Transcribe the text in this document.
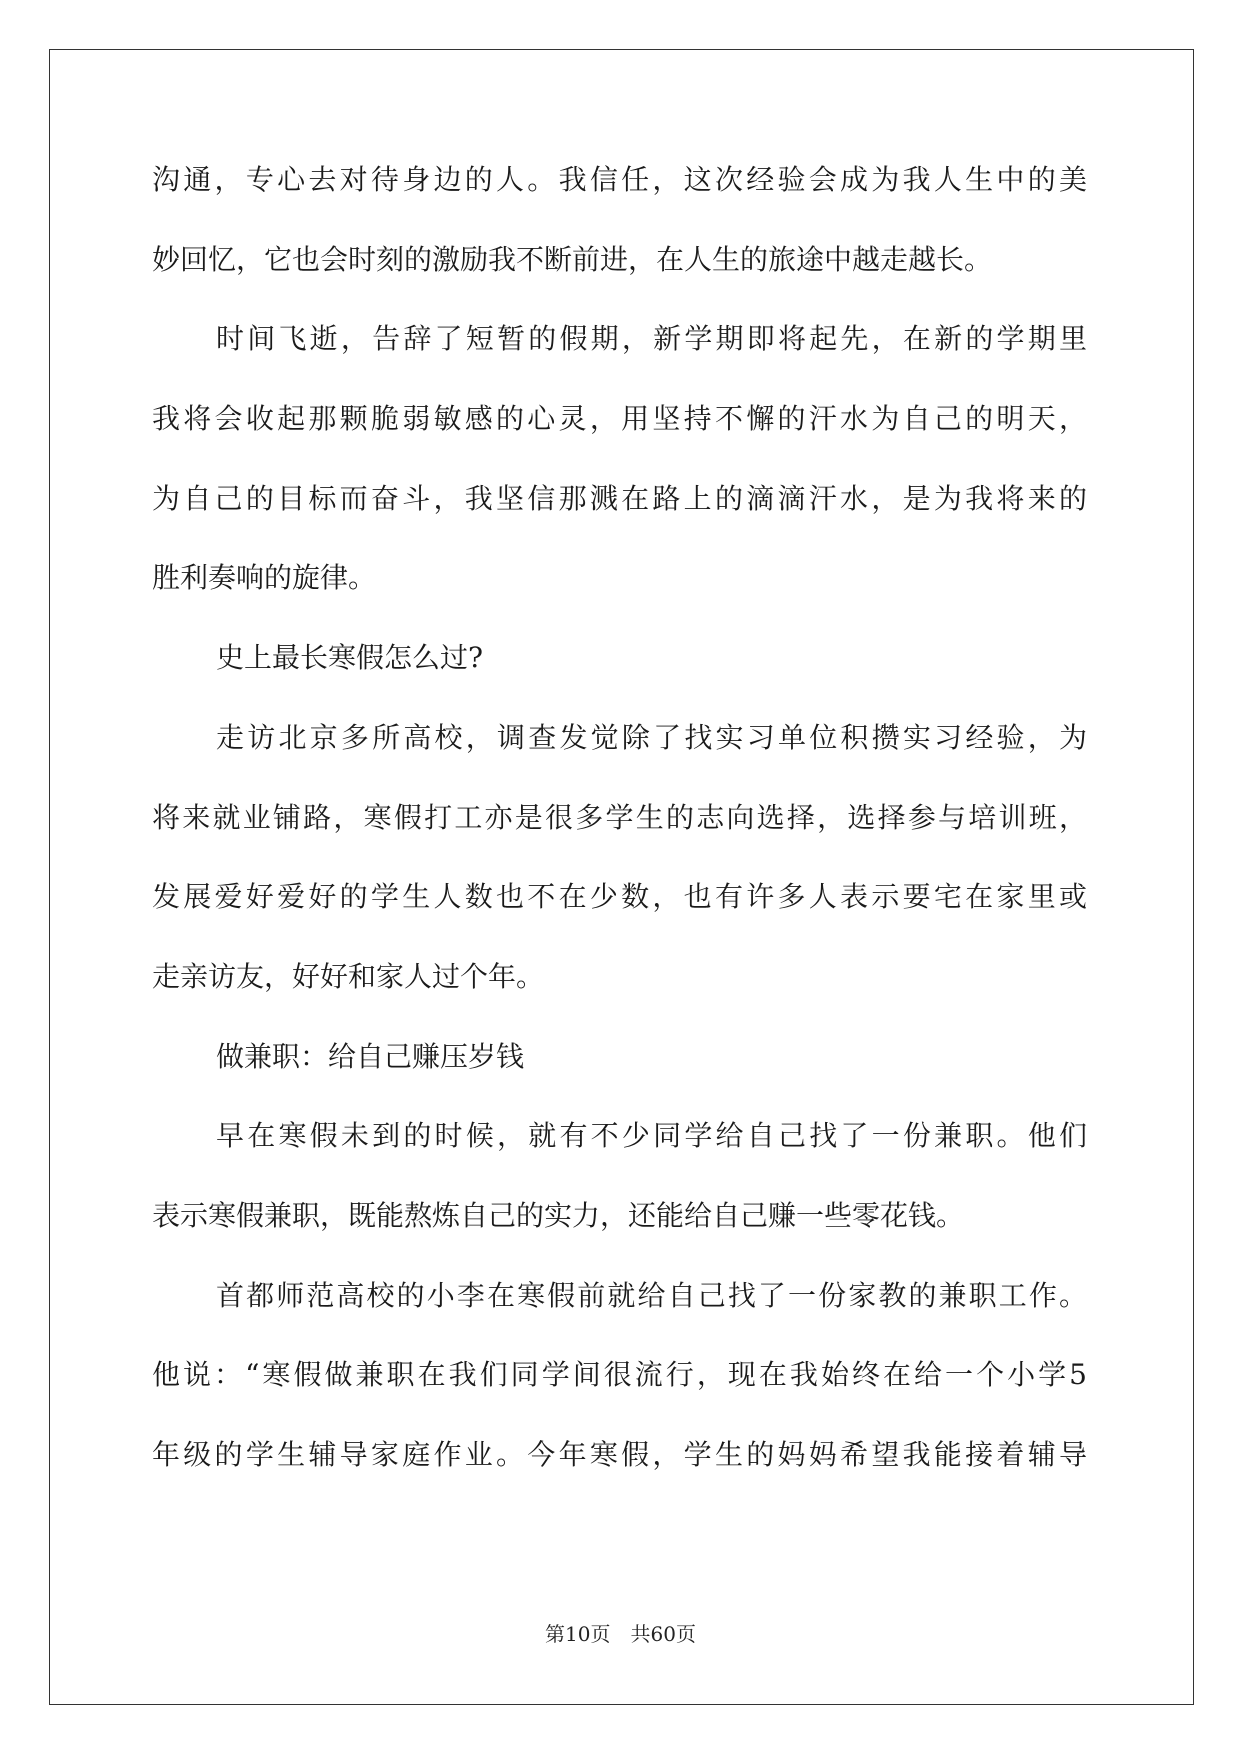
沟通，专心去对待身边的人。我信任，这次经验会成为我人生中的美
妙回忆，它也会时刻的激励我不断前进，在人生的旅途中越走越长。
时间飞逝，告辞了短暂的假期，新学期即将起先，在新的学期里
我将会收起那颗脆弱敏感的心灵，用坚持不懈的汗水为自己的明天，
为自己的目标而奋斗，我坚信那溅在路上的滴滴汗水，是为我将来的
胜利奏响的旋律。
史上最长寒假怎么过?
走访北京多所高校，调查发觉除了找实习单位积攒实习经验，为
将来就业铺路，寒假打工亦是很多学生的志向选择，选择参与培训班，
发展爱好爱好的学生人数也不在少数，也有许多人表示要宅在家里或
走亲访友，好好和家人过个年。
做兼职：给自己赚压岁钱
早在寒假未到的时候，就有不少同学给自己找了一份兼职。他们
表示寒假兼职，既能熬炼自己的实力，还能给自己赚一些零花钱。
首都师范高校的小李在寒假前就给自己找了一份家教的兼职工作。
他说：“寒假做兼职在我们同学间很流行，现在我始终在给一个小学5
年级的学生辅导家庭作业。今年寒假，学生的妈妈希望我能接着辅导
第10页  共60页
